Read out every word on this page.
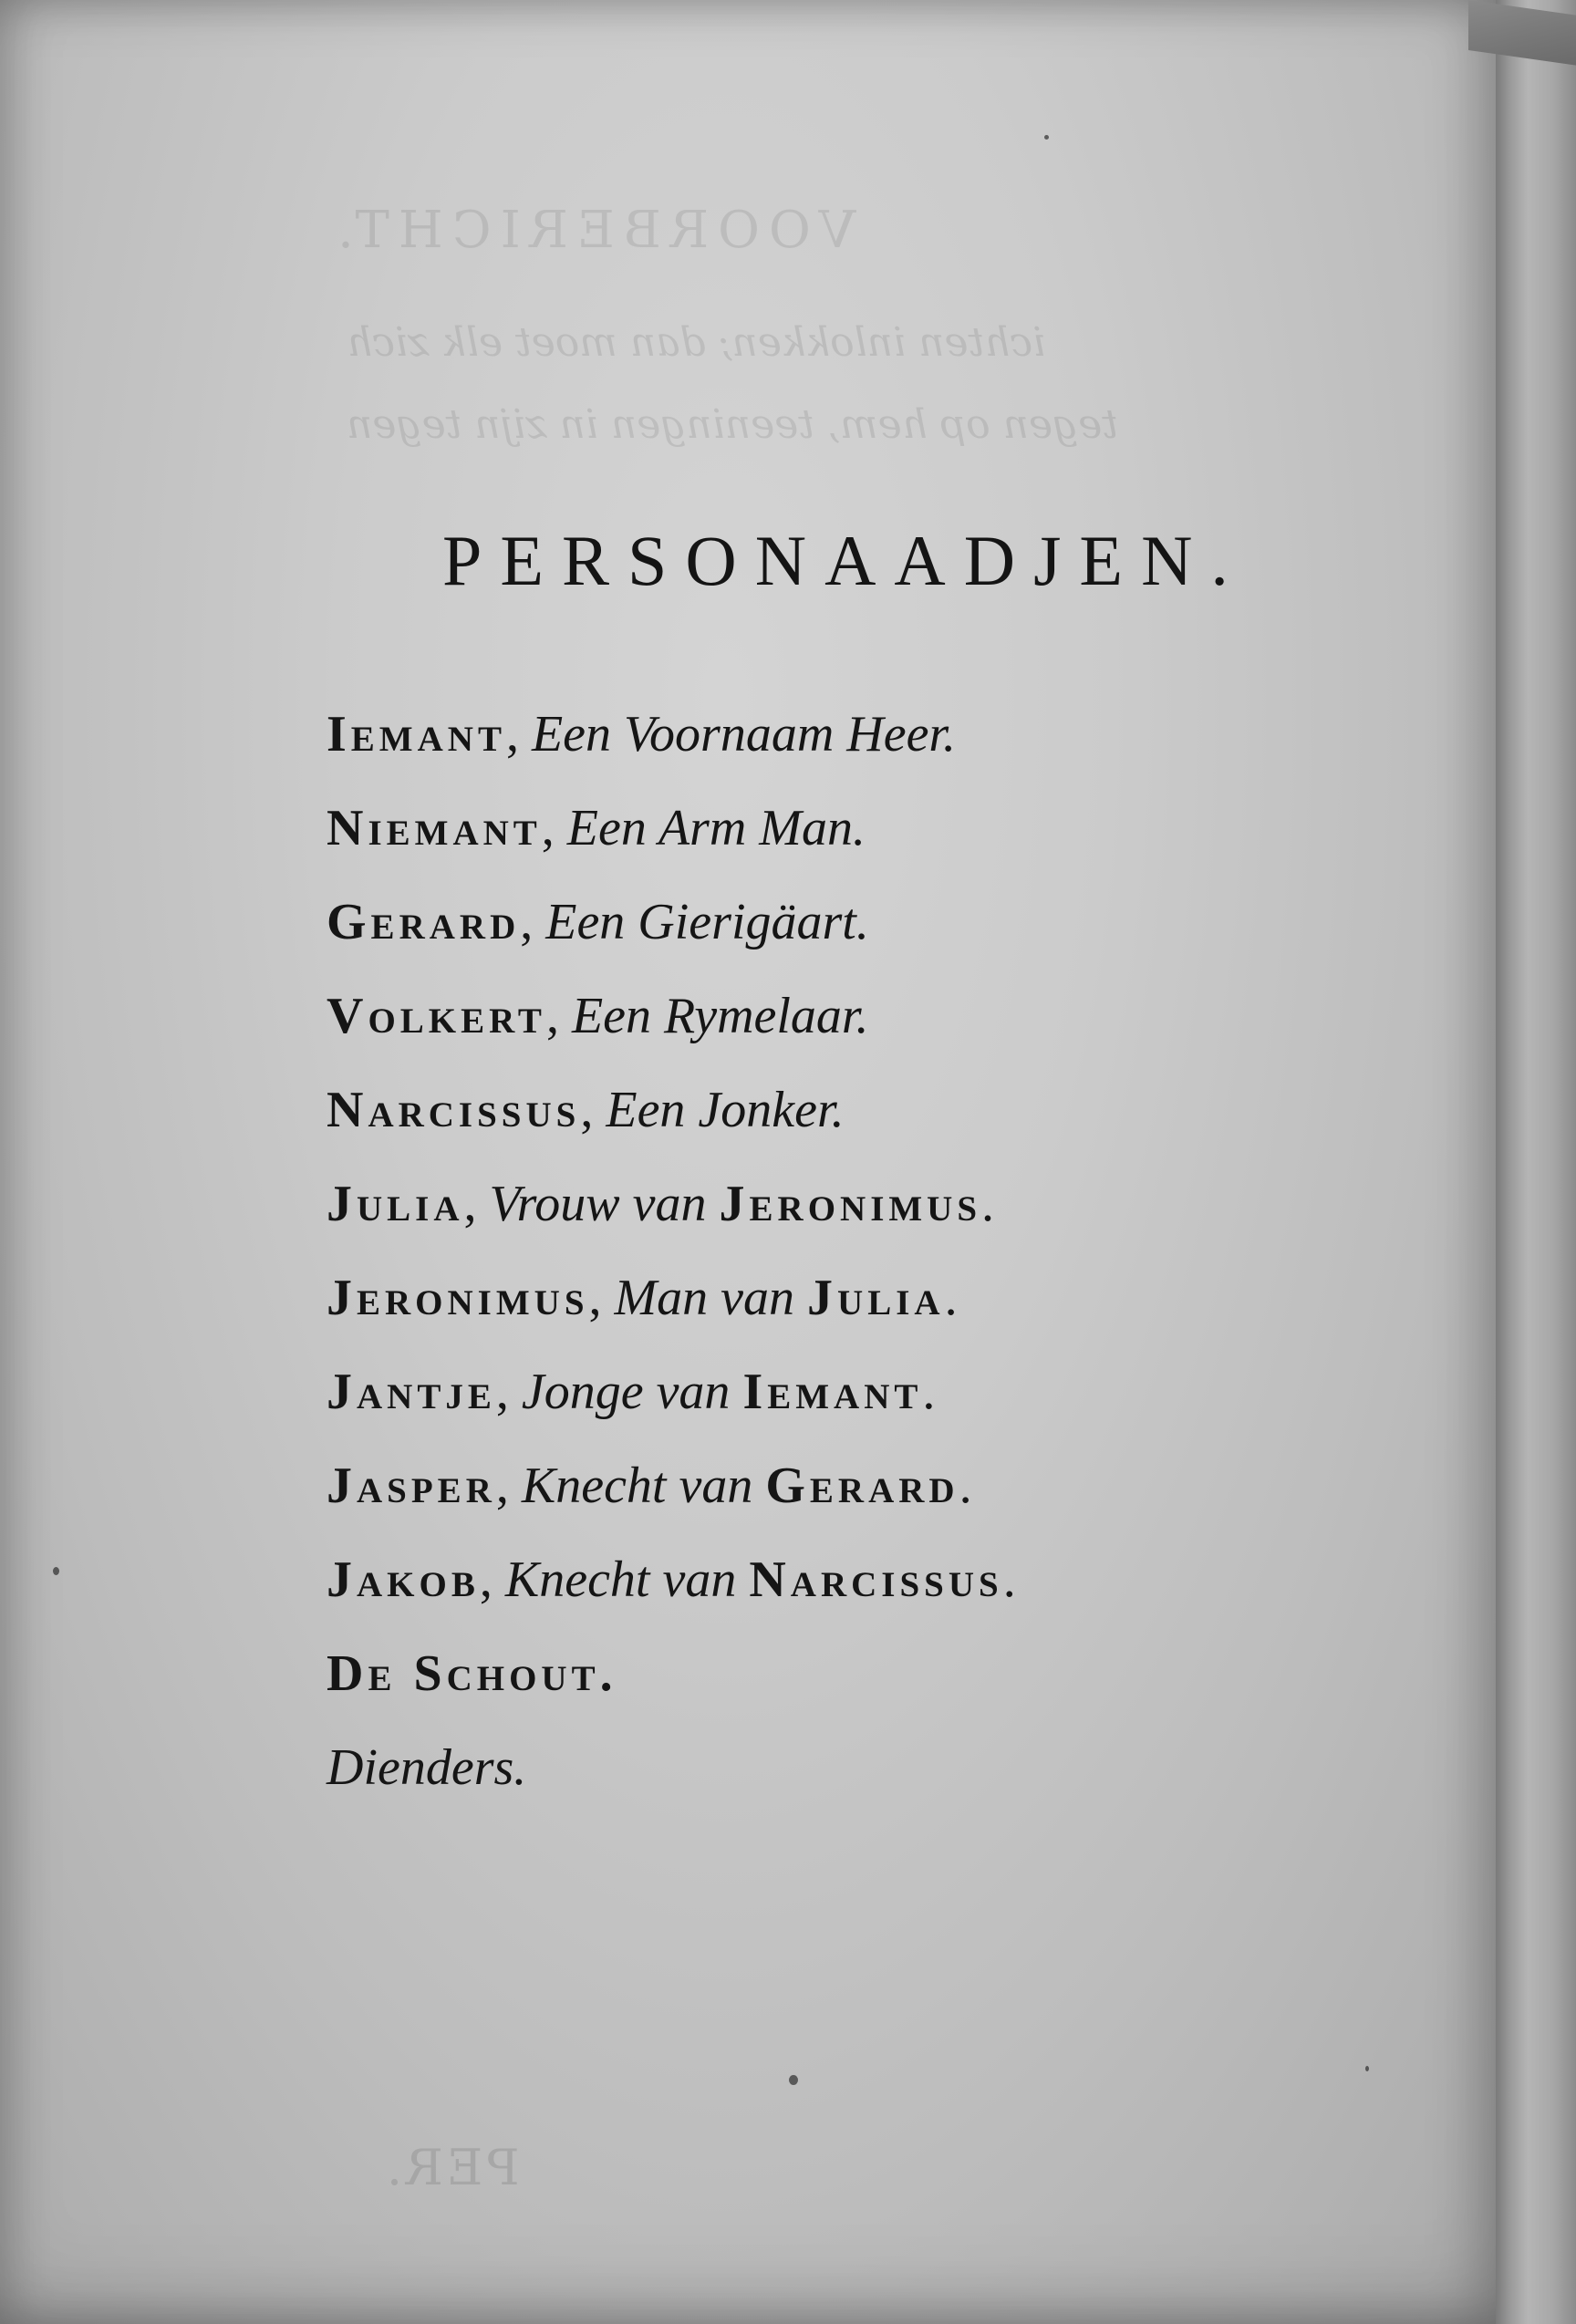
VOORBERICHT.
ichten inlokken; dan moet elk zich
tegen op hem, teeningen in zijn tegen
PER.
PERSONAADJEN.
Iemant, Een Voornaam Heer.
Niemant, Een Arm Man.
Gerard, Een Gierigäart.
Volkert, Een Rymelaar.
Narcissus, Een Jonker.
Julia, Vrouw van Jeronimus.
Jeronimus, Man van Julia.
Jantje, Jonge van Iemant.
Jasper, Knecht van Gerard.
Jakob, Knecht van Narcissus.
De Schout.
Dienders.
